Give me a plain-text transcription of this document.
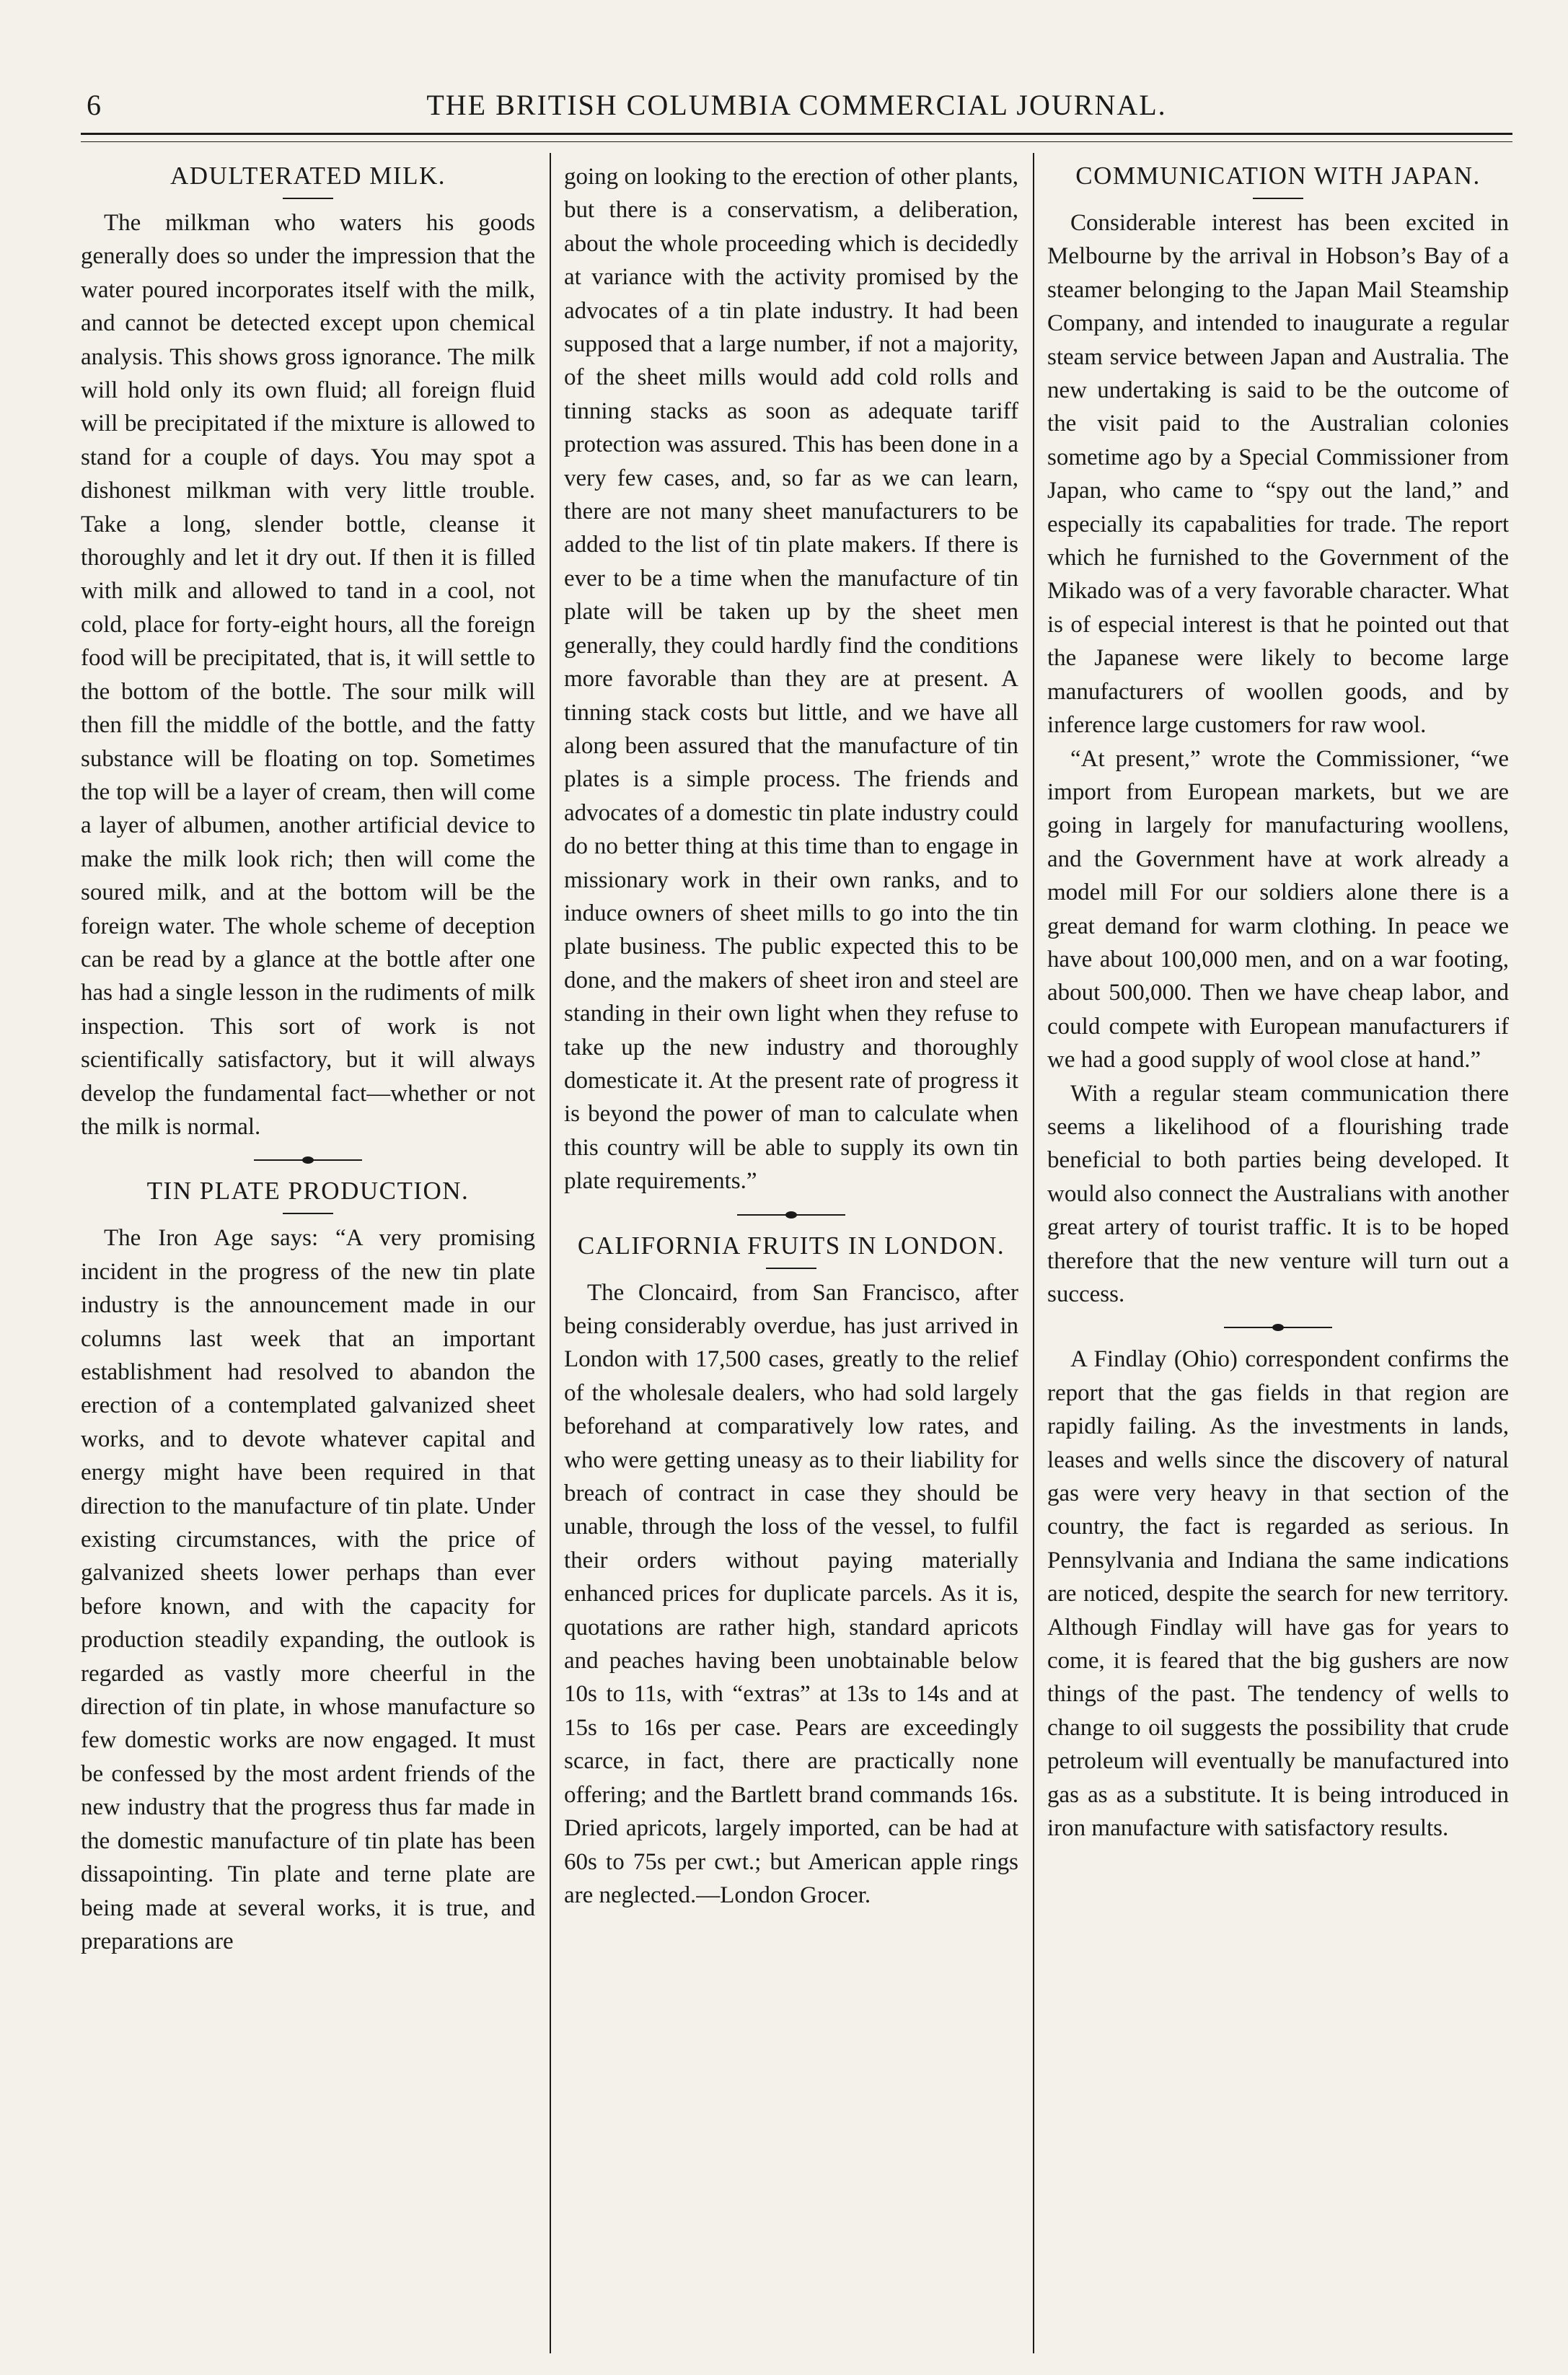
6	THE BRITISH COLUMBIA COMMERCIAL JOURNAL.
ADULTERATED MILK.

The milkman who waters his goods generally does so under the impression that the water poured incorporates itself with the milk, and cannot be detected except upon chemical analysis. This shows gross ignorance. The milk will hold only its own fluid; all foreign fluid will be precipitated if the mixture is allowed to stand for a couple of days. You may spot a dishonest milkman with very little trouble. Take a long, slender bottle, cleanse it thoroughly and let it dry out. If then it is filled with milk and allowed to tand in a cool, not cold, place for forty-eight hours, all the foreign food will be precipitated, that is, it will settle to the bottom of the bottle. The sour milk will then fill the middle of the bottle, and the fatty substance will be floating on top. Sometimes the top will be a layer of cream, then will come a layer of albumen, another artificial device to make the milk look rich; then will come the soured milk, and at the bottom will be the foreign water. The whole scheme of deception can be read by a glance at the bottle after one has had a single lesson in the rudiments of milk inspection. This sort of work is not scientifically satisfactory, but it will always develop the fundamental fact—whether or not the milk is normal.

TIN PLATE PRODUCTION.

The Iron Age says: “A very promising incident in the progress of the new tin plate industry is the announcement made in our columns last week that an important establishment had resolved to abandon the erection of a contemplated galvanized sheet works, and to devote whatever capital and energy might have been required in that direction to the manufacture of tin plate. Under existing circumstances, with the price of galvanized sheets lower perhaps than ever before known, and with the capacity for production steadily expanding, the outlook is regarded as vastly more cheerful in the direction of tin plate, in whose manufacture so few domestic works are now engaged. It must be confessed by the most ardent friends of the new industry that the progress thus far made in the domestic manufacture of tin plate has been dissapointing. Tin plate and terne plate are being made at several works, it is true, and preparations are

going on looking to the erection of other plants, but there is a conservatism, a deliberation, about the whole proceeding which is decidedly at variance with the activity promised by the advocates of a tin plate industry. It had been supposed that a large number, if not a majority, of the sheet mills would add cold rolls and tinning stacks as soon as adequate tariff protection was assured. This has been done in a very few cases, and, so far as we can learn, there are not many sheet manufacturers to be added to the list of tin plate makers. If there is ever to be a time when the manufacture of tin plate will be taken up by the sheet men generally, they could hardly find the conditions more favorable than they are at present. A tinning stack costs but little, and we have all along been assured that the manufacture of tin plates is a simple process. The friends and advocates of a domestic tin plate industry could do no better thing at this time than to engage in missionary work in their own ranks, and to induce owners of sheet mills to go into the tin plate business. The public expected this to be done, and the makers of sheet iron and steel are standing in their own light when they refuse to take up the new industry and thoroughly domesticate it. At the present rate of progress it is beyond the power of man to calculate when this country will be able to supply its own tin plate requirements.”

CALIFORNIA FRUITS IN LONDON.

The Cloncaird, from San Francisco, after being considerably overdue, has just arrived in London with 17,500 cases, greatly to the relief of the wholesale dealers, who had sold largely beforehand at comparatively low rates, and who were getting uneasy as to their liability for breach of contract in case they should be unable, through the loss of the vessel, to fulfil their orders without paying materially enhanced prices for duplicate parcels. As it is, quotations are rather high, standard apricots and peaches having been unobtainable below 10s to 11s, with “extras” at 13s to 14s and at 15s to 16s per case. Pears are exceedingly scarce, in fact, there are practically none offering; and the Bartlett brand commands 16s. Dried apricots, largely imported, can be had at 60s to 75s per cwt.; but American apple rings are neglected.—London Grocer.

COMMUNICATION WITH JAPAN.

Considerable interest has been excited in Melbourne by the arrival in Hobson’s Bay of a steamer belonging to the Japan Mail Steamship Company, and intended to inaugurate a regular steam service between Japan and Australia. The new undertaking is said to be the outcome of the visit paid to the Australian colonies sometime ago by a Special Commissioner from Japan, who came to “spy out the land,” and especially its capabalities for trade. The report which he furnished to the Government of the Mikado was of a very favorable character. What is of especial interest is that he pointed out that the Japanese were likely to become large manufacturers of woollen goods, and by inference large customers for raw wool.

“At present,” wrote the Commissioner, “we import from European markets, but we are going in largely for manufacturing woollens, and the Government have at work already a model mill For our soldiers alone there is a great demand for warm clothing. In peace we have about 100,000 men, and on a war footing, about 500,000. Then we have cheap labor, and could compete with European manufacturers if we had a good supply of wool close at hand.”

With a regular steam communication there seems a likelihood of a flourishing trade beneficial to both parties being developed. It would also connect the Australians with another great artery of tourist traffic. It is to be hoped therefore that the new venture will turn out a success.

A Findlay (Ohio) correspondent confirms the report that the gas fields in that region are rapidly failing. As the investments in lands, leases and wells since the discovery of natural gas were very heavy in that section of the country, the fact is regarded as serious. In Pennsylvania and Indiana the same indications are noticed, despite the search for new territory. Although Findlay will have gas for years to come, it is feared that the big gushers are now things of the past. The tendency of wells to change to oil suggests the possibility that crude petroleum will eventually be manufactured into gas as as a substitute. It is being introduced in iron manufacture with satisfactory results.
